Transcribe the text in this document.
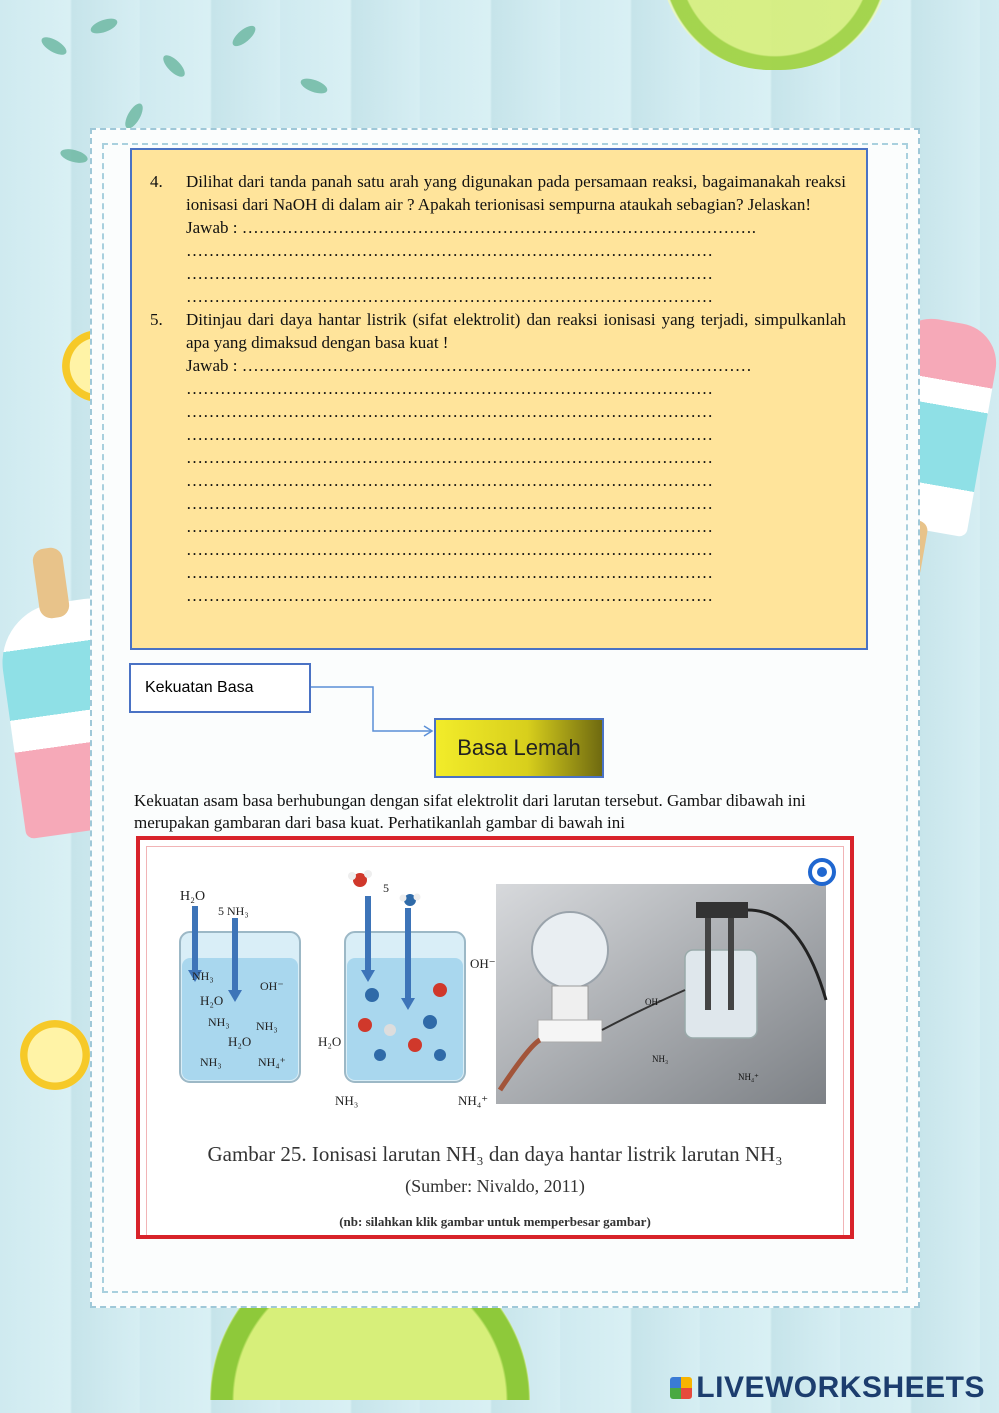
4.	Dilihat dari tanda panah satu arah yang digunakan pada persamaan reaksi, bagaimanakah reaksi ionisasi dari NaOH di dalam air ? Apakah terionisasi sempurna ataukah sebagian? Jelaskan!
Jawab :
……………………………………………………………………………….
…………………………………………………………………………………
…………………………………………………………………………………
…………………………………………………………………………………
5.	Ditinjau dari daya hantar listrik (sifat elektrolit) dan reaksi ionisasi yang terjadi, simpulkanlah apa yang dimaksud dengan basa kuat !
Jawab :
………………………………………………………………………………
…………………………………………………………………………………
…………………………………………………………………………………
…………………………………………………………………………………
…………………………………………………………………………………
…………………………………………………………………………………
…………………………………………………………………………………
…………………………………………………………………………………
…………………………………………………………………………………
…………………………………………………………………………………
…………………………………………………………………………………
Kekuatan Basa
Basa Lemah
Kekuatan asam basa berhubungan dengan sifat elektrolit dari larutan tersebut. Gambar dibawah ini merupakan gambaran dari basa kuat. Perhatikanlah gambar di bawah ini
H₂O
5 NH₃
NH₃
OH⁻
H₂O
NH₃ NH₃
H₂O
NH₃	NH₄⁺
5
OH⁻
H₂O
NH₃	NH₄⁺
OH⁻
NH₃
NH₄⁺
Gambar 25. Ionisasi larutan NH₃ dan daya hantar listrik larutan NH₃
(Sumber: Nivaldo, 2011)
(nb: silahkan klik gambar untuk memperbesar gambar)
LIVEWORKSHEETS
